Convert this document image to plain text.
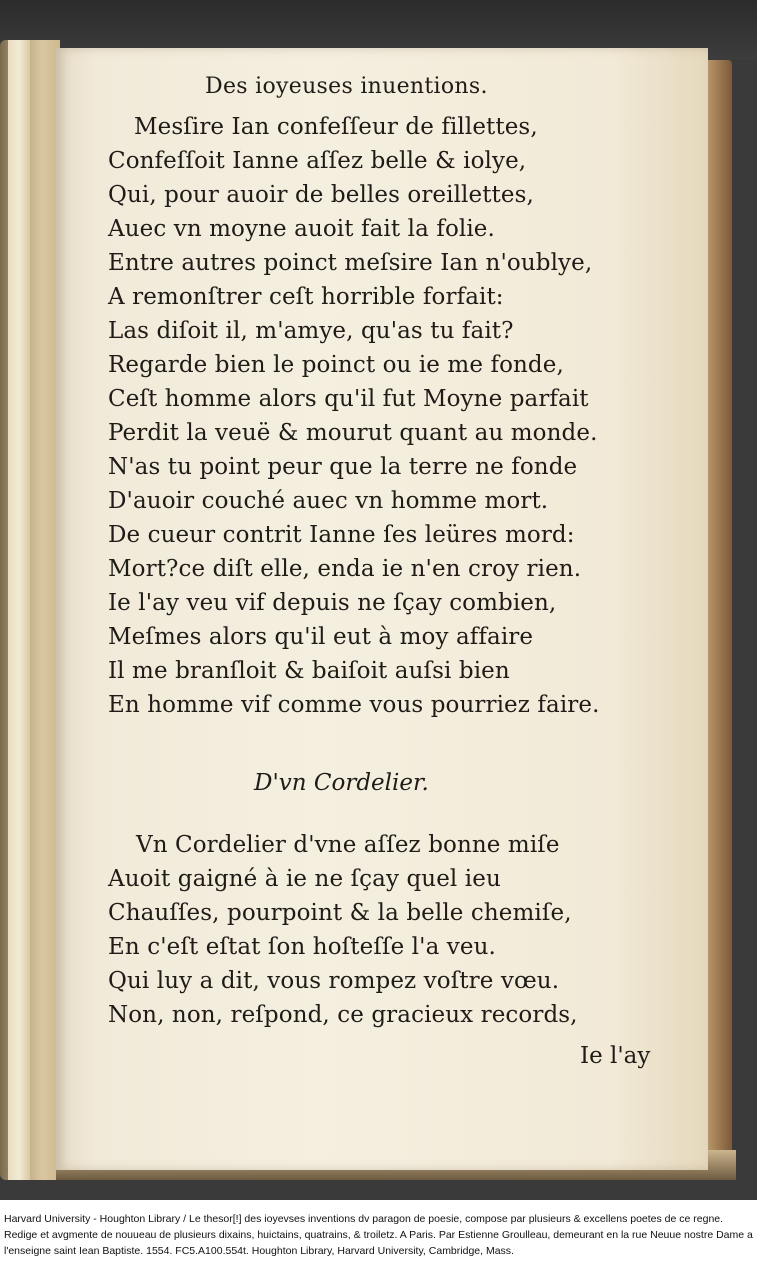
Des ioyeuses inuentions.
Mesſire Ian confeſſeur de fillettes,
Confeſſoit Ianne aſſez belle & iolye,
Qui, pour auoir de belles oreillettes,
Auec vn moyne auoit fait la folie.
Entre autres poinct meſsire Ian n'oublye,
A remonſtrer ceſt horrible forfait:
Las diſoit il, m'amye, qu'as tu fait?
Regarde bien le poinct ou ie me fonde,
Ceſt homme alors qu'il fut Moyne parfait
Perdit la veuë & mourut quant au monde.
N'as tu point peur que la terre ne fonde
D'auoir couché auec vn homme mort.
De cueur contrit Ianne ſes leüres mord:
Mort?ce diſt elle, enda ie n'en croy rien.
Ie l'ay veu vif depuis ne ſçay combien,
Meſmes alors qu'il eut à moy affaire
Il me branſloit & baiſoit auſsi bien
En homme vif comme vous pourriez faire.
D'vn Cordelier.
Vn Cordelier d'vne aſſez bonne miſe
Auoit gaigné à ie ne ſçay quel ieu
Chauſſes, pourpoint & la belle chemiſe,
En c'eſt eſtat ſon hoſteſſe l'a veu.
Qui luy a dit, vous rompez voſtre vœu.
Non, non, reſpond, ce gracieux records,
Ie l'ay
Harvard University - Houghton Library / Le thesor[!] des ioyevses inventions dv paragon de poesie, compose par plusieurs & excellens poetes de ce regne. Redige et avgmente de nouueau de plusieurs dixains, huictains, quatrains, & troiletz. A Paris. Par Estienne Groulleau, demeurant en la rue Neuue nostre Dame a l'enseigne saint Iean Baptiste. 1554. FC5.A100.554t. Houghton Library, Harvard University, Cambridge, Mass.
